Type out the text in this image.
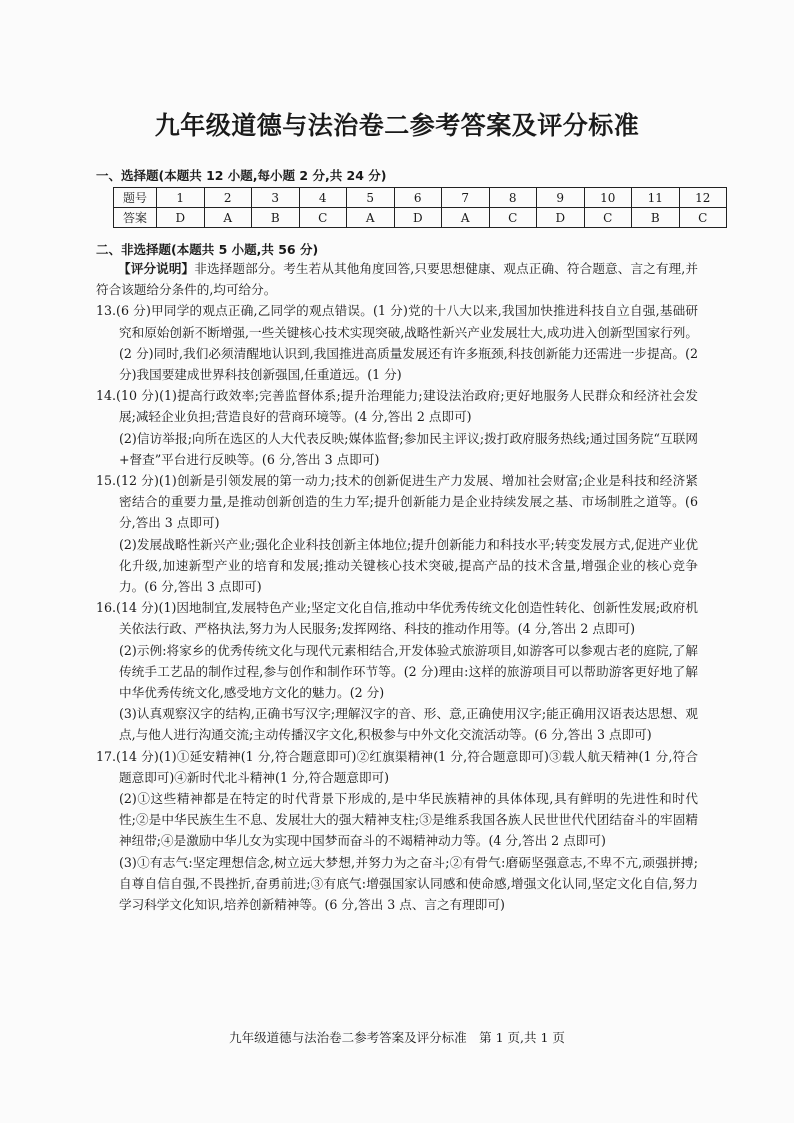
九年级道德与法治卷二参考答案及评分标准
一、选择题(本题共 12 小题,每小题 2 分,共 24 分)
题号	1	2	3	4	5	6	7	8	9	10	11	12
答案	D	A	B	C	A	D	A	C	D	C	B	C
二、非选择题(本题共 5 小题,共 56 分)

【评分说明】非选择题部分。考生若从其他角度回答,只要思想健康、观点正确、符合题意、言之有理,并符合该题给分条件的,均可给分。

13.(6 分)甲同学的观点正确,乙同学的观点错误。(1 分)党的十八大以来,我国加快推进科技自立自强,基础研究和原始创新不断增强,一些关键核心技术实现突破,战略性新兴产业发展壮大,成功进入创新型国家行列。(2 分)同时,我们必须清醒地认识到,我国推进高质量发展还有许多瓶颈,科技创新能力还需进一步提高。(2 分)我国要建成世界科技创新强国,任重道远。(1 分)

14.(10 分)(1)提高行政效率;完善监督体系;提升治理能力;建设法治政府;更好地服务人民群众和经济社会发展;减轻企业负担;营造良好的营商环境等。(4 分,答出 2 点即可)

(2)信访举报;向所在选区的人大代表反映;媒体监督;参加民主评议;拨打政府服务热线;通过国务院“互联网+督查”平台进行反映等。(6 分,答出 3 点即可)

15.(12 分)(1)创新是引领发展的第一动力;技术的创新促进生产力发展、增加社会财富;企业是科技和经济紧密结合的重要力量,是推动创新创造的生力军;提升创新能力是企业持续发展之基、市场制胜之道等。(6 分,答出 3 点即可)

(2)发展战略性新兴产业;强化企业科技创新主体地位;提升创新能力和科技水平;转变发展方式,促进产业优化升级,加速新型产业的培育和发展;推动关键核心技术突破,提高产品的技术含量,增强企业的核心竞争力。(6 分,答出 3 点即可)

16.(14 分)(1)因地制宜,发展特色产业;坚定文化自信,推动中华优秀传统文化创造性转化、创新性发展;政府机关依法行政、严格执法,努力为人民服务;发挥网络、科技的推动作用等。(4 分,答出 2 点即可)

(2)示例:将家乡的优秀传统文化与现代元素相结合,开发体验式旅游项目,如游客可以参观古老的庭院,了解传统手工艺品的制作过程,参与创作和制作环节等。(2 分)理由:这样的旅游项目可以帮助游客更好地了解中华优秀传统文化,感受地方文化的魅力。(2 分)

(3)认真观察汉字的结构,正确书写汉字;理解汉字的音、形、意,正确使用汉字;能正确用汉语表达思想、观点,与他人进行沟通交流;主动传播汉字文化,积极参与中外文化交流活动等。(6 分,答出 3 点即可)

17.(14 分)(1)①延安精神(1 分,符合题意即可)②红旗渠精神(1 分,符合题意即可)③载人航天精神(1 分,符合题意即可)④新时代北斗精神(1 分,符合题意即可)

(2)①这些精神都是在特定的时代背景下形成的,是中华民族精神的具体体现,具有鲜明的先进性和时代性;②是中华民族生生不息、发展壮大的强大精神支柱;③是维系我国各族人民世世代代团结奋斗的牢固精神纽带;④是激励中华儿女为实现中国梦而奋斗的不竭精神动力等。(4 分,答出 2 点即可)

(3)①有志气:坚定理想信念,树立远大梦想,并努力为之奋斗;②有骨气:磨砺坚强意志,不卑不亢,顽强拼搏;自尊自信自强,不畏挫折,奋勇前进;③有底气:增强国家认同感和使命感,增强文化认同,坚定文化自信,努力学习科学文化知识,培养创新精神等。(6 分,答出 3 点、言之有理即可)

九年级道德与法治卷二参考答案及评分标准　第 1 页,共 1 页
